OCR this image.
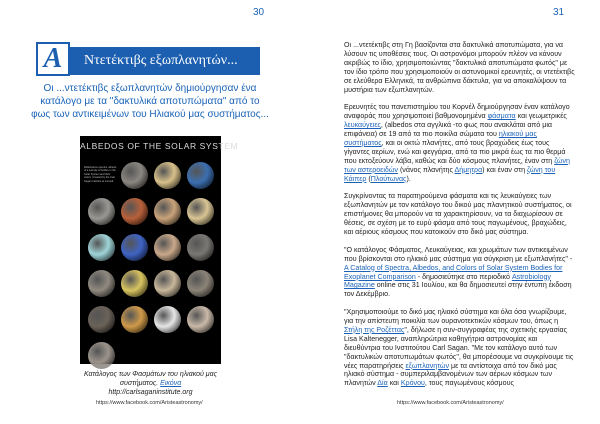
30
A Ντετέκτιβς εξωπλανητών...
Οι ...ντετέκτιβς εξωπλανητών δημιούργησαν ένα κατάλογο με τα "δακτυλικά αποτυπώματα" από το φως των αντικειμένων του Ηλιακού μας συστήματος...
ALBEDOS OF THE SOLAR SYSTEM
Reflectance spectra, albedo, of a sample of bodies in the Solar System and their colors. Created by the Carl Sagan Institute at Cornell.
Κατάλογος των Φασμάτων του ηλιακού μας συστήματος. Εικόνα http://carlsaganinstitute.org
https://www.facebook.com/Aristeastronomy/
31

Οι ...ντετέκτιβς στη Γη βασίζονται στα δακτυλικά αποτυπώματα, για να λύσουν τις υποθέσεις τους. Οι αστρονόμοι μπορούν πλέον να κάνουν ακριβώς το ίδιο, χρησιμοποιώντας "δακτυλικά αποτυπώματα φωτός" με τον ίδιο τρόπο που χρησιμοποιούν οι αστυνομικοί ερευνητές, οι ντετέκτιβς σε ελεύθερα Ελληνικά, τα ανθρώπινα δάκτυλα, για να αποκαλύψουν τα μυστήρια των εξωπλανητών.

Ερευνητές του πανεπιστημίου του Κορνέλ δημιούργησαν έναν κατάλογο αναφοράς που χρησιμοποιεί βαθμονομημένα φάσματα και γεωμετρικές λευκαύγειες, (albedos στα αγγλικά -το φως που ανακλάται από μια επιφάνεια) σε 19 από τα πιο ποικίλα σώματα του ηλιακού μας συστήματος, και οι οκτώ πλανήτες, από τους βραχώδεις έως τους γίγαντες αερίων, ενώ και φεγγάρια, από τα πιο μικρά έως τα πιο θερμά που εκτοξεύουν λάβα, καθώς και δύο κόσμους πλανήτες, έναν στη ζώνη των αστεροειδών (νάνος πλανήτης Δήμητρα) και έναν στη ζώνη του Κάιπερ (Πλούτωνας).

Συγκρίνοντας τα παρατηρούμενα φάσματα και τις λευκαύγειες των εξωπλανητών με τον κατάλογο του δικού μας πλανητικού συστήματος, οι επιστήμονες θα μπορούν να τα χαρακτηρίσουν, να τα διαχωρίσουν σε θέσεις, σε σχέση με το ευρύ φάσμα από τους παγωμένους, βραχώδεις, και αέριους κόσμους που κατοικούν στο δικό μας σύστημα.

"Ο κατάλογος Φάσματος, Λευκαύγειας, και χρωμάτων των αντικειμένων που βρίσκονται στο ηλιακό μας σύστημα για σύγκριση με εξωπλανήτες" - A Catalog of Spectra, Albedos, and Colors of Solar System Bodies for Exoplanet Comparison - δημοσιεύτηκε στο περιοδικό Astrobiology Magazine online στις 31 Ιουλίου, και θα δημοσιευτεί στην έντυπη έκδοση τον Δεκέμβριο.

"Χρησιμοποιούμε το δικό μας ηλιακό σύστημα και όλα όσα γνωρίζουμε, για την απίστευτη ποικιλία των ουρανοτεκτικών κόσμων του, όπως η Στήλη της Ροζέττας", δήλωσε η συν-συγγραφέας της σχετικής εργασίας Lisa Kaltenegger, αναπληρώτρια καθηγήτρια αστρονομίας και διευθύντρια του Ινστιτούτου Carl Sagan. "Με τον κατάλογο αυτό των "δακτυλικών αποτυπωμάτων φωτός", θα μπορέσουμε να συγκρίνουμε τις νέες παρατηρήσεις εξωπλανητών με τα αντίστοιχα από τον δικό μας ηλιακό σύστημα - συμπεριλαμβανομένων των αέριων κόσμων των πλανητών Δία και Κρόνου, τους παγωμένους κόσμους

https://www.facebook.com/Aristeastronomy/
